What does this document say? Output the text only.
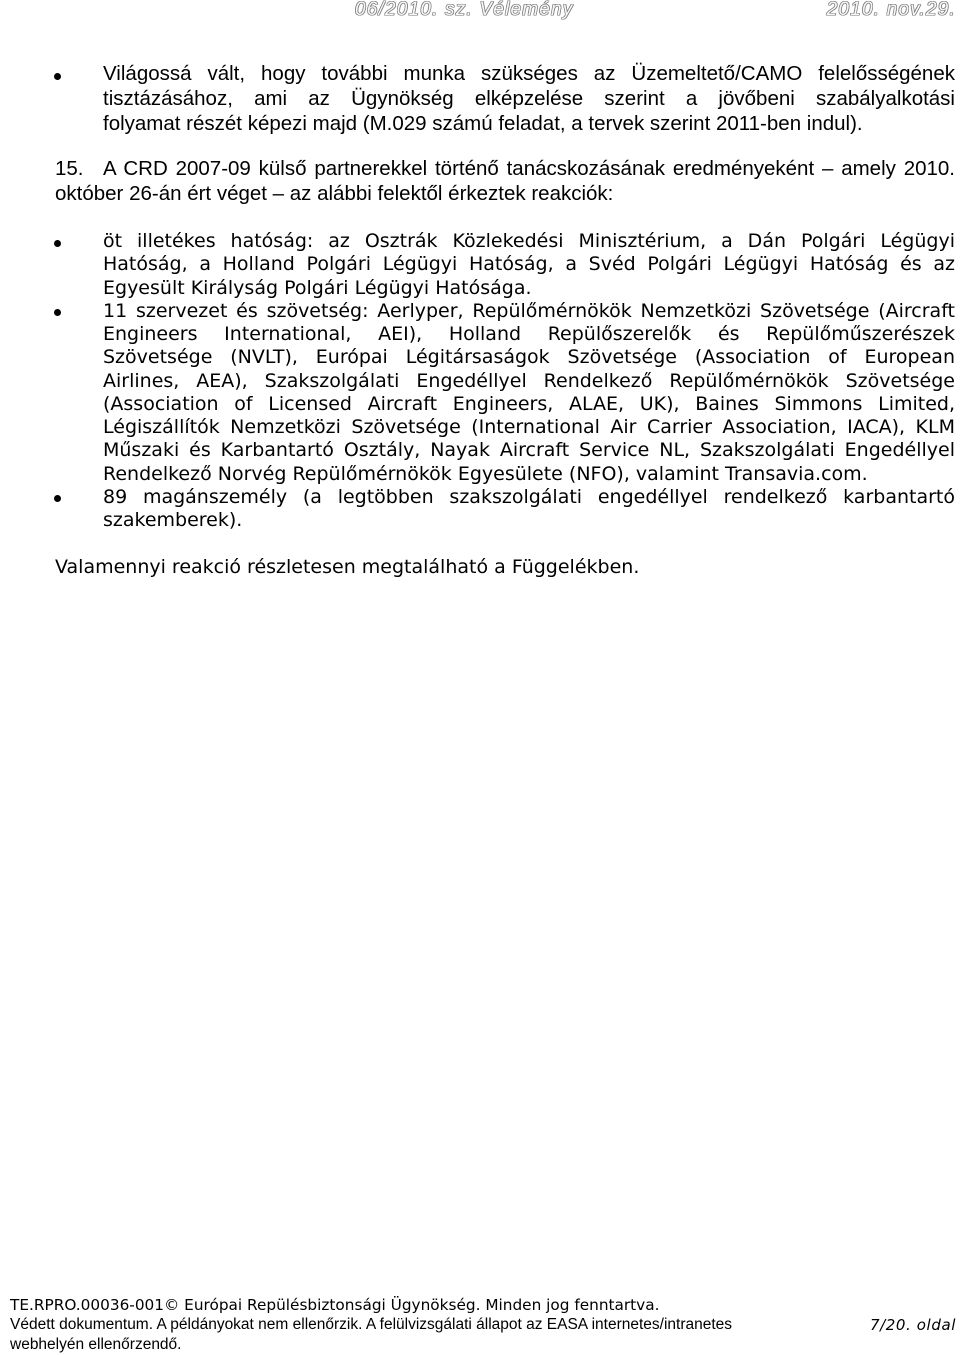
06/2010. sz. Vélemény	2010. nov.29.
Világossá vált, hogy további munka szükséges az Üzemeltető/CAMO felelősségének
tisztázásához, ami az Ügynökség elképzelése szerint a jövőbeni szabályalkotási
folyamat részét képezi majd (M.029 számú feladat, a tervek szerint 2011-ben indul).
15. A CRD 2007-09 külső partnerekkel történő tanácskozásának eredményeként – amely 2010.
október 26-án ért véget – az alábbi felektől érkeztek reakciók:
öt illetékes hatóság: az Osztrák Közlekedési Minisztérium, a Dán Polgári Légügyi
Hatóság, a Holland Polgári Légügyi Hatóság, a Svéd Polgári Légügyi Hatóság és az
Egyesült Királyság Polgári Légügyi Hatósága.
11 szervezet és szövetség: Aerlyper, Repülőmérnökök Nemzetközi Szövetsége (Aircraft
Engineers International, AEI), Holland Repülőszerelők és Repülőműszerészek
Szövetsége (NVLT), Európai Légitársaságok Szövetsége (Association of European
Airlines, AEA), Szakszolgálati Engedéllyel Rendelkező Repülőmérnökök Szövetsége
(Association of Licensed Aircraft Engineers, ALAE, UK), Baines Simmons Limited,
Légiszállítók Nemzetközi Szövetsége (International Air Carrier Association, IACA), KLM
Műszaki és Karbantartó Osztály, Nayak Aircraft Service NL, Szakszolgálati Engedéllyel
Rendelkező Norvég Repülőmérnökök Egyesülete (NFO), valamint Transavia.com.
89 magánszemély (a legtöbben szakszolgálati engedéllyel rendelkező karbantartó
szakemberek).
Valamennyi reakció részletesen megtalálható a Függelékben.
TE.RPRO.00036-001© Európai Repülésbiztonsági Ügynökség. Minden jog fenntartva.
Védett dokumentum. A példányokat nem ellenőrzik. A felülvizsgálati állapot az EASA internetes/intranetes
webhelyén ellenőrzendő.
7/20. oldal
